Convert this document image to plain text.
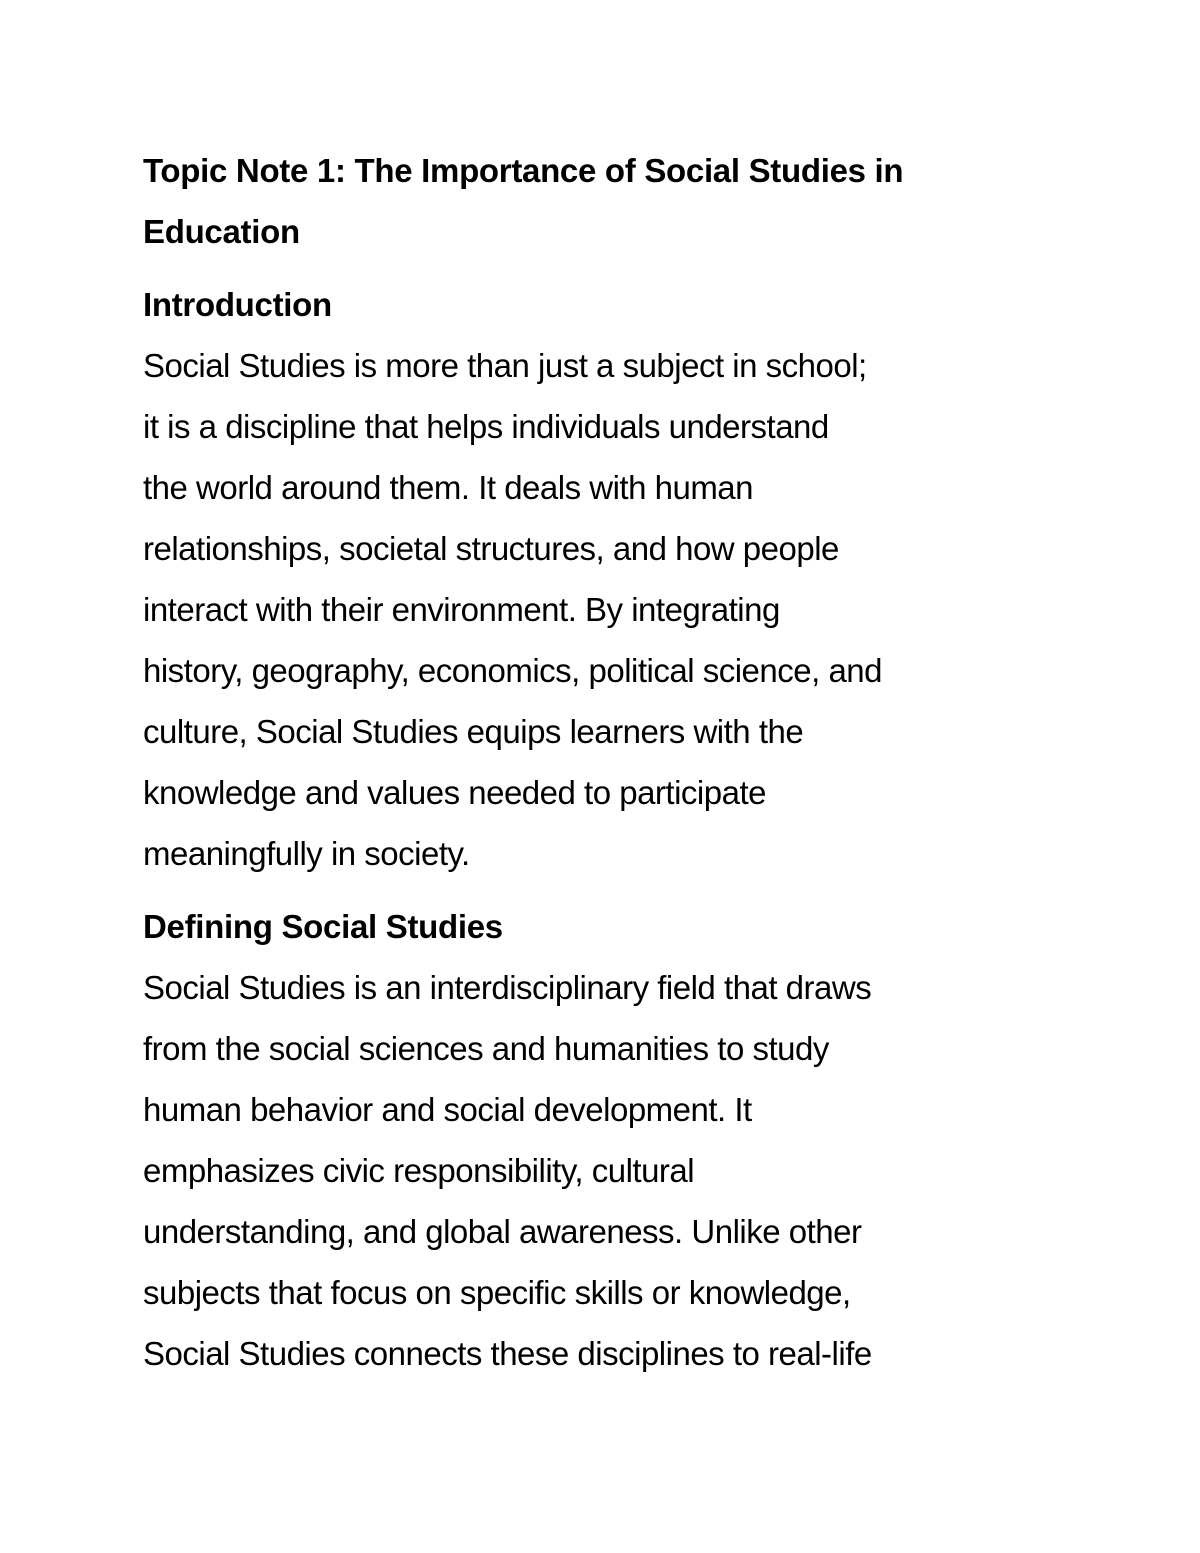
Topic Note 1: The Importance of Social Studies in
Education
Introduction

Social Studies is more than just a subject in school;
it is a discipline that helps individuals understand
the world around them. It deals with human
relationships, societal structures, and how people
interact with their environment. By integrating
history, geography, economics, political science, and
culture, Social Studies equips learners with the
knowledge and values needed to participate
meaningfully in society.

Defining Social Studies

Social Studies is an interdisciplinary field that draws
from the social sciences and humanities to study
human behavior and social development. It
emphasizes civic responsibility, cultural
understanding, and global awareness. Unlike other
subjects that focus on specific skills or knowledge,
Social Studies connects these disciplines to real-life
